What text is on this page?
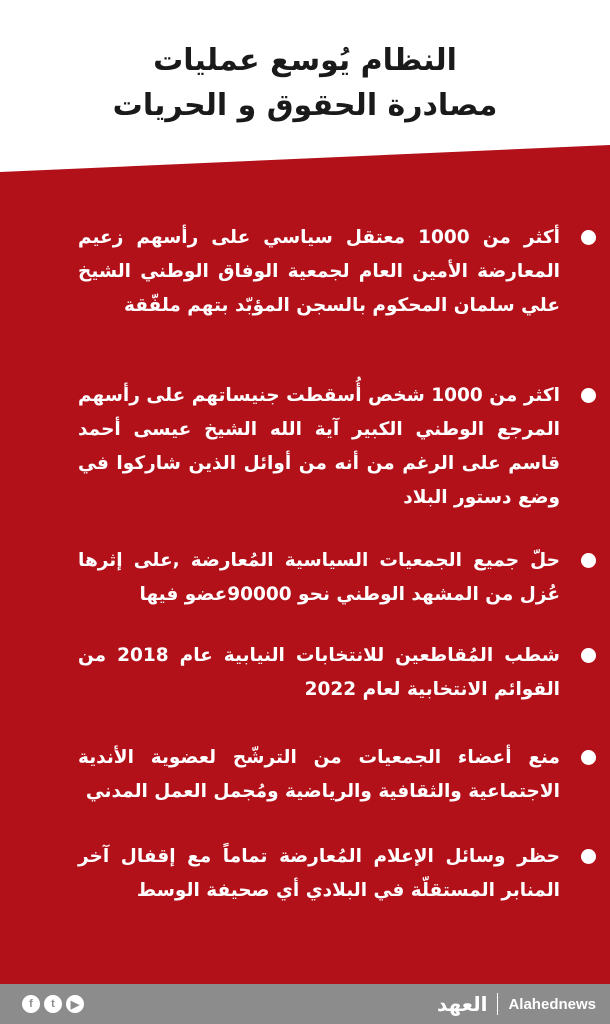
النظام يُوسع عمليات
مصادرة الحقوق و الحريات
أكثر من 1000 معتقل سياسي على رأسهم زعيم المعارضة الأمين العام لجمعية الوفاق الوطني الشيخ علي سلمان المحكوم بالسجن المؤبّد بتهم ملفّقة
اكثر من 1000 شخص أُسقطت جنيساتهم على رأسهم المرجع الوطني الكبير آية الله الشيخ عيسى أحمد قاسم على الرغم من أنه من أوائل الذين شاركوا في وضع دستور البلاد
حلّ جميع الجمعيات السياسية المُعارضة ,على إثرها عُزل من المشهد الوطني نحو 90000عضو فيها
شطب المُقاطعين للانتخابات النيابية عام 2018 من القوائم الانتخابية لعام 2022
منع أعضاء الجمعيات من الترشّح لعضوية الأندية الاجتماعية والثقافية والرياضية ومُجمل العمل المدني
حظر وسائل الإعلام المُعارضة تماماً مع إقفال آخر المنابر المستقلّة في البلادي أي صحيفة الوسط
f	t	▶	العهد Alahednews
